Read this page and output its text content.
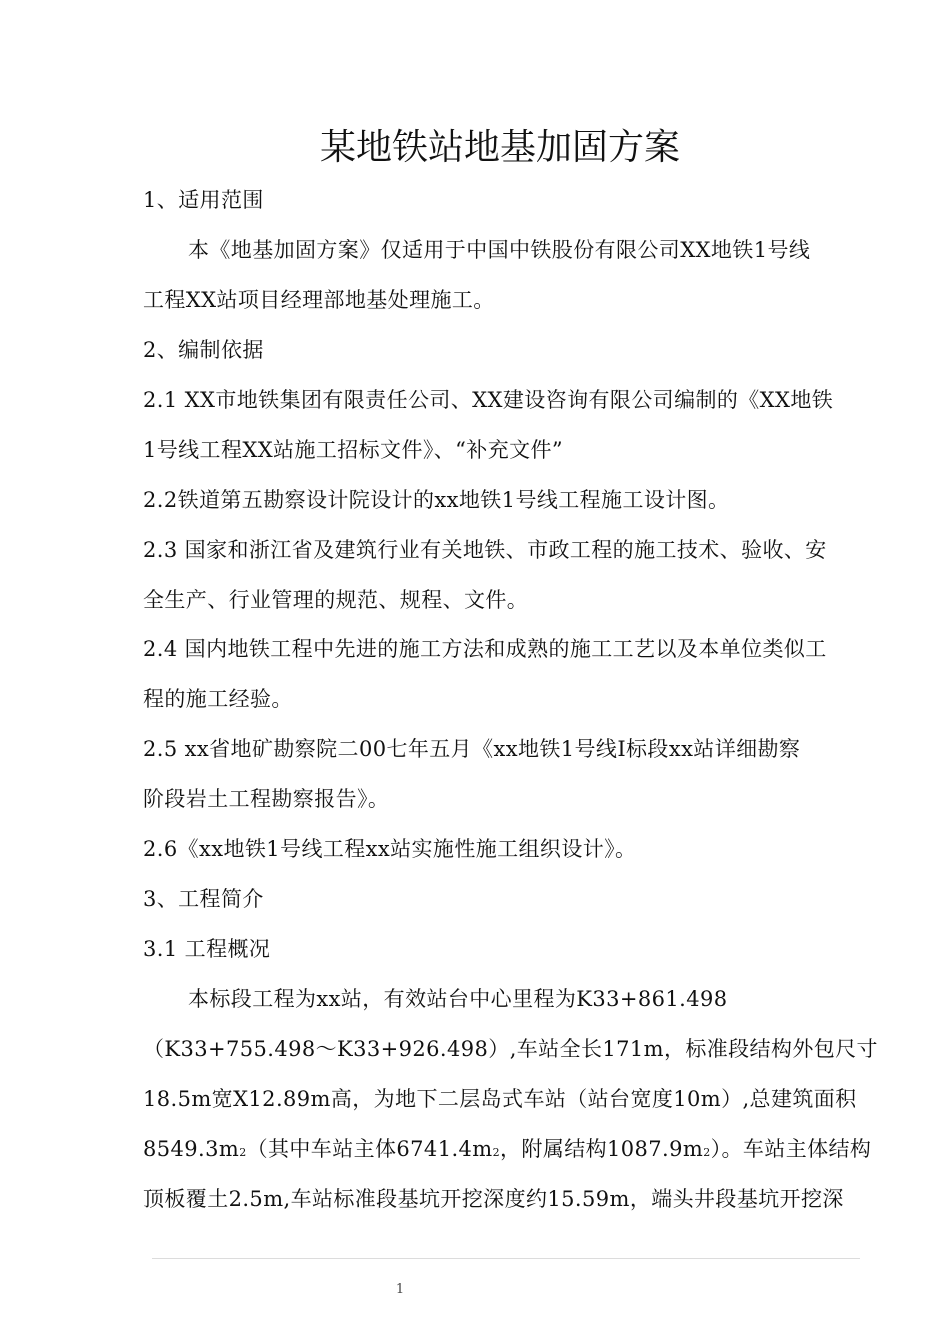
某地铁站地基加固方案
1、适用范围
本《地基加固方案》仅适用于中国中铁股份有限公司XX地铁1号线
工程XX站项目经理部地基处理施工。
2、编制依据
2.1 XX市地铁集团有限责任公司、XX建设咨询有限公司编制的《XX地铁
1号线工程XX站施工招标文件》、“补充文件”
2.2铁道第五勘察设计院设计的xx地铁1号线工程施工设计图。
2.3 国家和浙江省及建筑行业有关地铁、市政工程的施工技术、验收、安
全生产、行业管理的规范、规程、文件。
2.4 国内地铁工程中先进的施工方法和成熟的施工工艺以及本单位类似工
程的施工经验。
2.5 xx省地矿勘察院二00七年五月《xx地铁1号线Ⅰ标段xx站详细勘察
阶段岩土工程勘察报告》。
2.6《xx地铁1号线工程xx站实施性施工组织设计》。
3、工程简介
3.1 工程概况
本标段工程为xx站，有效站台中心里程为K33+861.498
（K33+755.498～K33+926.498）,车站全长171m，标准段结构外包尺寸
18.5m宽X12.89m高，为地下二层岛式车站（站台宽度10m）,总建筑面积
8549.3m2（其中车站主体6741.4m2，附属结构1087.9m2）。车站主体结构
顶板覆土2.5m,车站标准段基坑开挖深度约15.59m，端头井段基坑开挖深
1
